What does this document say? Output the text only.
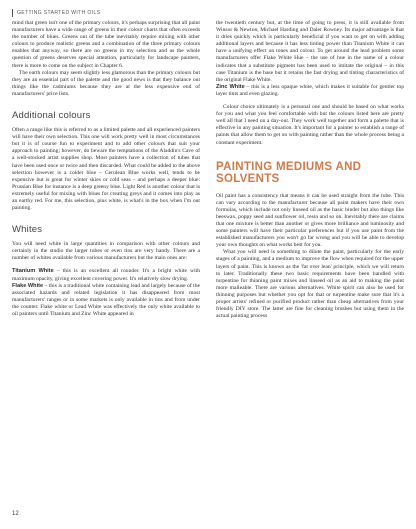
GETTING STARTED WITH OILS

mind that green isn't one of the primary colours, it's perhaps surprising that all paint manufacturers have a wide range of greens in their colour charts that often exceeds the number of blues. Greens out of the tube inevitably require mixing with other colours to produce realistic greens and a combination of the three primary colours enables that anyway, so there are no greens in my selection and as the whole question of greens deserves special attention, particularly for landscape painters, there is more to come on the subject in Chapter 6.

The earth colours may seem slightly less glamorous than the primary colours but they are an essential part of the palette and the good news is that they balance out things like the cadmiums because they are at the less expensive end of manufacturers' price lists.

Additional colours

Often a range like this is referred to as a limited palette and all experienced painters will have their own selection. This one will work pretty well in most circumstances but it is of course fun to experiment and to add other colours that suit your approach to painting; however, do beware the temptations of the Aladdin's Cave of a well-stocked artist supplies shop. Most painters have a collection of tubes that have been used once or twice and then discarded. What could be added to the above selection however is a colder blue – Cerulean Blue works well, tends to be expensive but is great for winter skies or cold seas – and perhaps a deeper blue: Prussian Blue for instance is a deep greeny blue. Light Red is another colour that is extremely useful for mixing with blues for creating greys and it comes into play as an earthy red. For me, this selection, plus white, is what's in the box when I'm out painting.

Whites

You will need white in large quantities in comparison with other colours and certainly in the studio the larger tubes or even tins are very handy. There are a number of whites available from various manufacturers but the main ones are:

Titanium White – this is an excellent all rounder. It's a bright white with maximum opacity, giving excellent covering power. It's relatively slow drying.

Flake White – this is a traditional white containing lead and largely because of the associated hazards and related legislation it has disappeared from most manufacturers' ranges or in some markets is only available in tins and from under the counter. Flake white or Lead White was effectively the only white available to oil painters until Titanium and Zinc White appeared in

the twentieth century but, at the time of going to press, it is still available from Winsor & Newton, Michael Harding and Daler Rowney. Its major advantage is that it dries quickly which is particularly beneficial if you want to get on with adding additional layers and because it has less tinting power than Titanium White it can have a unifying effect on tones and colour. To get around the lead problem some manufacturers offer Flake White Hue – the use of hue in the name of a colour indicates that a substitute pigment has been used to imitate the original – in this case Titanium is the base but it retains the fast drying and tinting characteristics of the original Flake White.

Zinc White – this is a less opaque white, which makes it suitable for gentler top layer tints and even glazing.

Colour choice ultimately is a personal one and should be based on what works for you and what you feel comfortable with but the colours listed here are pretty well all that I need on a day-out. They work well together and form a palette that is effective in any painting situation. It's important for a painter to establish a range of paints that allow them to get on with painting rather than the whole process being a constant experiment.

PAINTING MEDIUMS AND SOLVENTS

Oil paint has a consistency that means it can be used straight from the tube. This can vary according to the manufacturer because all paint makers have their own formulas, which include not only linseed oil as the basic binder but also things like beeswax, poppy seed and sunflower oil, resin and so on. Inevitably there are claims that one mixture is better than another or gives more brilliance and luminosity and some painters will have their particular preferences but if you use paint from the established manufacturers you won't go far wrong and you will be able to develop your own thoughts on what works best for you.

What you will need is something to dilute the paint, particularly for the early stages of a painting, and a medium to improve the flow when required for the upper layers of paint. This is known as the 'fat over lean' principle, which we will return to later. Traditionally these two basic requirements have been handled with turpentine for thinning paint mixes and linseed oil as an aid to making the paint more malleable. There are various alternatives. White spirit can also be used for thinning purposes but whether you opt for that or turpentine make sure that it's a proper artists' refined or purified product rather than cheap alternatives from your friendly DIY store. The latter are fine for cleaning brushes but using them in the actual painting process

12
